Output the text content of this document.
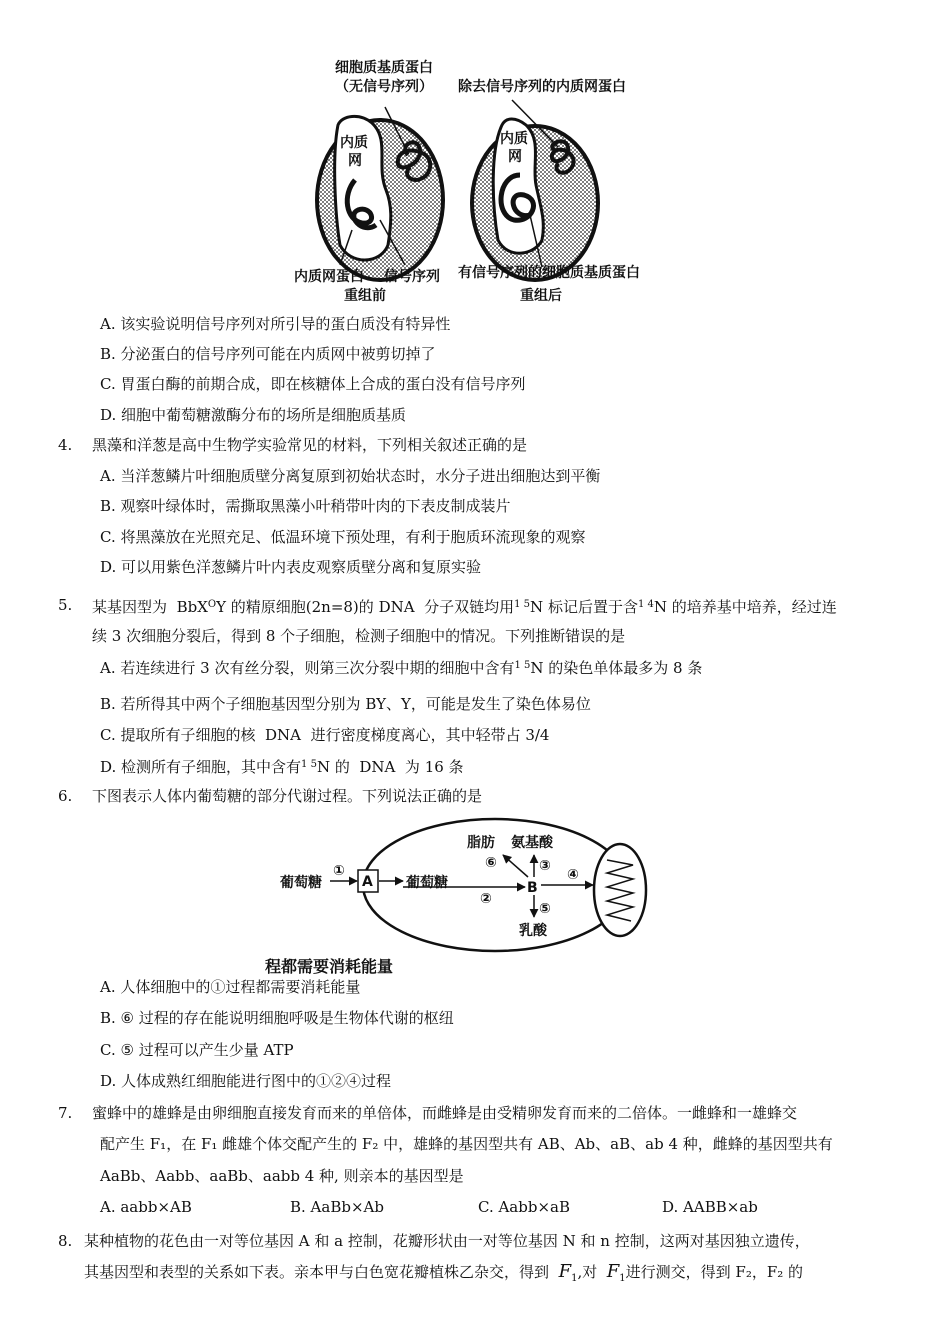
细胞质基质蛋白
（无信号序列） 除去信号序列的内质网蛋白
内质
网
内质
网
内质网蛋白 信号序列
重组前
有信号序列的细胞质基质蛋白
重组后
A. 该实验说明信号序列对所引导的蛋白质没有特异性
B. 分泌蛋白的信号序列可能在内质网中被剪切掉了
C. 胃蛋白酶的前期合成，即在核糖体上合成的蛋白没有信号序列
D. 细胞中葡萄糖激酶分布的场所是细胞质基质
4. 黑藻和洋葱是高中生物学实验常见的材料，下列相关叙述正确的是
A. 当洋葱鳞片叶细胞质壁分离复原到初始状态时，水分子进出细胞达到平衡
B. 观察叶绿体时，需撕取黑藻小叶稍带叶肉的下表皮制成装片
C. 将黑藻放在光照充足、低温环境下预处理，有利于胞质环流现象的观察
D. 可以用紫色洋葱鳞片叶内表皮观察质壁分离和复原实验
5. 某基因型为 BbX$^O$Y 的精原细胞(2n=8)的 DNA 分子双链均用$^{1 5}$N 标记后置于含$^{1 4}$N 的培养基中培养，经过连
续 3 次细胞分裂后，得到 8 个子细胞，检测子细胞中的情况。下列推断错误的是
A. 若连续进行 3 次有丝分裂，则第三次分裂中期的细胞中含有$^{1 5}$N 的染色单体最多为 8 条
B. 若所得其中两个子细胞基因型分别为 BY、Y，可能是发生了染色体易位
C. 提取所有子细胞的核 DNA 进行密度梯度离心，其中轻带占 3/4
D. 检测所有子细胞，其中含有$^{1 5}$N 的 DNA 为 16 条
6. 下图表示人体内葡萄糖的部分代谢过程。下列说法正确的是
葡萄糖
①
A 葡萄糖
②
B
脂肪 氨基酸
⑥	③
④
⑤
乳酸
程都需要消耗能量
A. 人体细胞中的①过程都需要消耗能量
B. ⑥ 过程的存在能说明细胞呼吸是生物体代谢的枢纽
C. ⑤ 过程可以产生少量 ATP
D. 人体成熟红细胞能进行图中的①②④过程
7. 蜜蜂中的雄蜂是由卵细胞直接发育而来的单倍体，而雌蜂是由受精卵发育而来的二倍体。一雌蜂和一雄蜂交
配产生 F₁，在 F₁ 雌雄个体交配产生的 F₂ 中，雄蜂的基因型共有 AB、Ab、aB、ab 4 种，雌蜂的基因型共有
AaBb、Aabb、aaBb、aabb 4 种, 则亲本的基因型是
A. aabb×AB	B. AaBb×Ab	C. Aabb×aB	D. AABB×ab
8. 某种植物的花色由一对等位基因 A 和 a 控制，花瓣形状由一对等位基因 N 和 n 控制，这两对基因独立遗传，
其基因型和表型的关系如下表。亲本甲与白色宽花瓣植株乙杂交，得到 $F_1$,对 $F_1$进行测交，得到 F₂，F₂ 的
